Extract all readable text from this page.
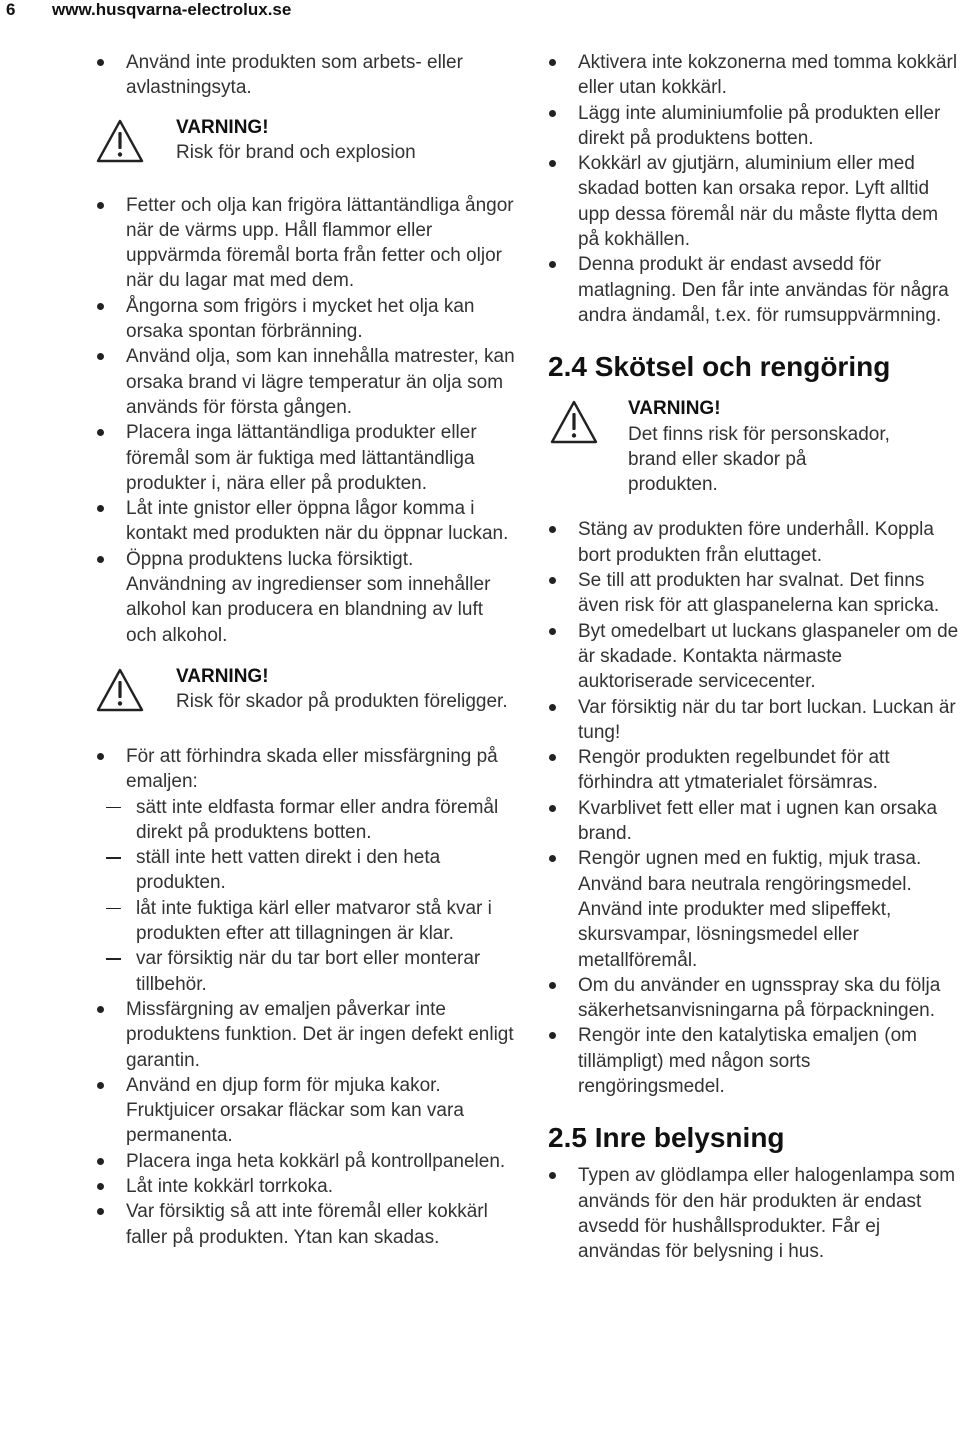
6 www.husqvarna-electrolux.se
Använd inte produkten som arbets- eller avlastningsyta.
VARNING!
Risk för brand och explosion
Fetter och olja kan frigöra lättantändliga ångor när de värms upp. Håll flammor eller uppvärmda föremål borta från fetter och oljor när du lagar mat med dem.
Ångorna som frigörs i mycket het olja kan orsaka spontan förbränning.
Använd olja, som kan innehålla matrester, kan orsaka brand vi lägre temperatur än olja som används för första gången.
Placera inga lättantändliga produkter eller föremål som är fuktiga med lättantändliga produkter i, nära eller på produkten.
Låt inte gnistor eller öppna lågor komma i kontakt med produkten när du öppnar luckan.
Öppna produktens lucka försiktigt. Användning av ingredienser som innehåller alkohol kan producera en blandning av luft och alkohol.
VARNING!
Risk för skador på produkten föreligger.
För att förhindra skada eller missfärgning på emaljen:
sätt inte eldfasta formar eller andra föremål direkt på produktens botten.
ställ inte hett vatten direkt i den heta produkten.
låt inte fuktiga kärl eller matvaror stå kvar i produkten efter att tillagningen är klar.
var försiktig när du tar bort eller monterar tillbehör.
Missfärgning av emaljen påverkar inte produktens funktion. Det är ingen defekt enligt garantin.
Använd en djup form för mjuka kakor. Fruktjuicer orsakar fläckar som kan vara permanenta.
Placera inga heta kokkärl på kontrollpanelen.
Låt inte kokkärl torrkoka.
Var försiktig så att inte föremål eller kokkärl faller på produkten. Ytan kan skadas.
Aktivera inte kokzonerna med tomma kokkärl eller utan kokkärl.
Lägg inte aluminiumfolie på produkten eller direkt på produktens botten.
Kokkärl av gjutjärn, aluminium eller med skadad botten kan orsaka repor. Lyft alltid upp dessa föremål när du måste flytta dem på kokhällen.
Denna produkt är endast avsedd för matlagning. Den får inte användas för några andra ändamål, t.ex. för rumsuppvärmning.
2.4 Skötsel och rengöring
VARNING!
Det finns risk för personskador, brand eller skador på produkten.
Stäng av produkten före underhåll. Koppla bort produkten från eluttaget.
Se till att produkten har svalnat. Det finns även risk för att glaspanelerna kan spricka.
Byt omedelbart ut luckans glaspaneler om de är skadade. Kontakta närmaste auktoriserade servicecenter.
Var försiktig när du tar bort luckan. Luckan är tung!
Rengör produkten regelbundet för att förhindra att ytmaterialet försämras.
Kvarblivet fett eller mat i ugnen kan orsaka brand.
Rengör ugnen med en fuktig, mjuk trasa. Använd bara neutrala rengöringsmedel. Använd inte produkter med slipeffekt, skursvampar, lösningsmedel eller metallföremål.
Om du använder en ugnsspray ska du följa säkerhetsanvisningarna på förpackningen.
Rengör inte den katalytiska emaljen (om tillämpligt) med någon sorts rengöringsmedel.
2.5 Inre belysning
Typen av glödlampa eller halogenlampa som används för den här produkten är endast avsedd för hushållsprodukter. Får ej användas för belysning i hus.
